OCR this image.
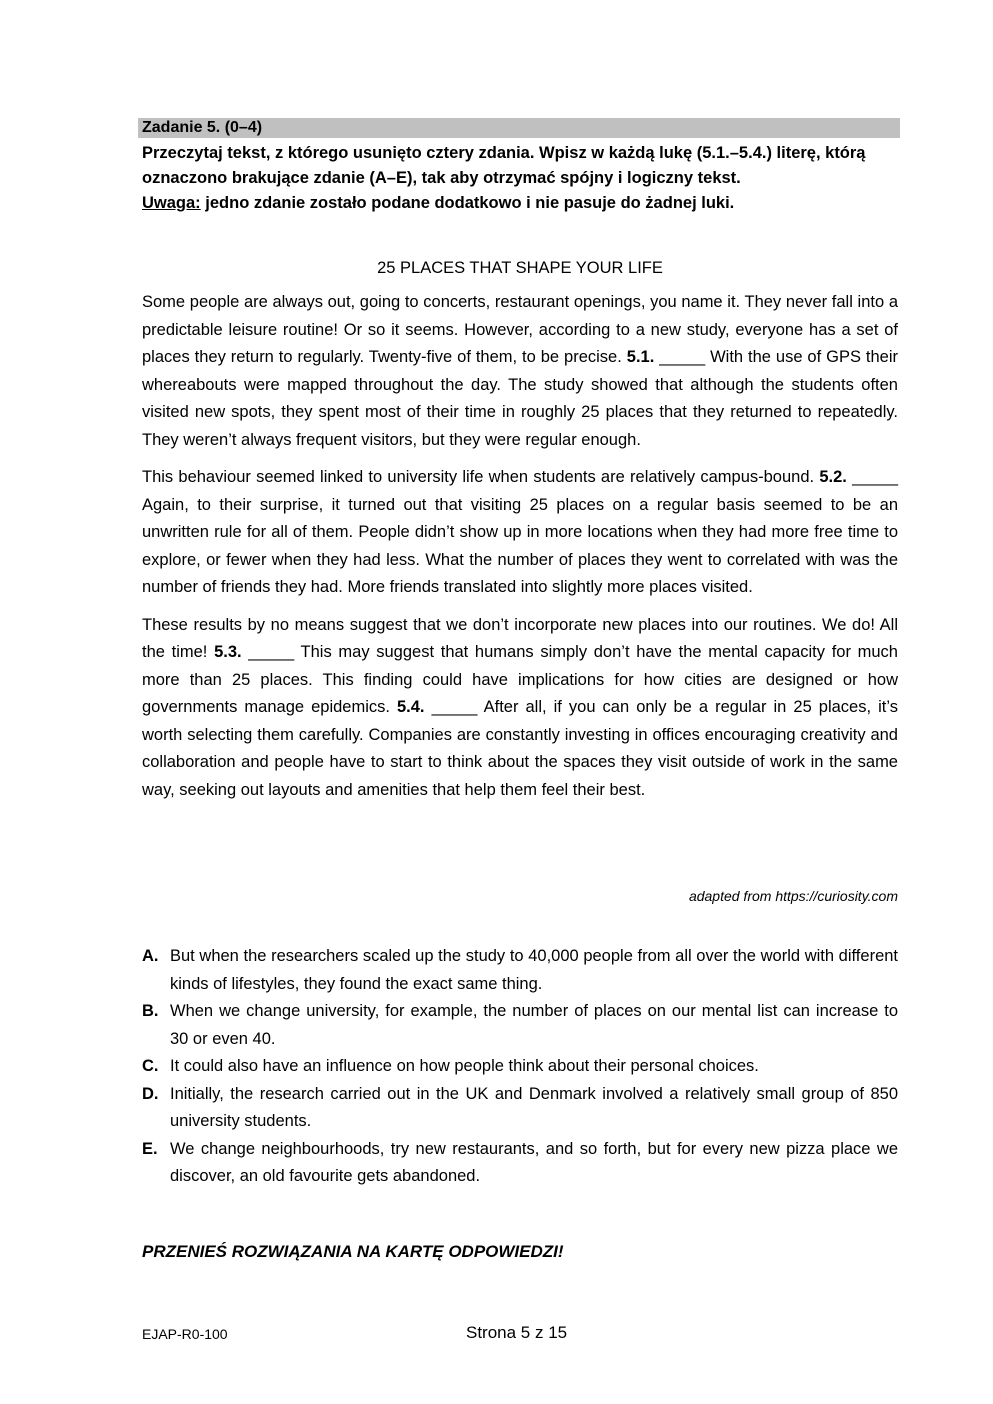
Zadanie 5. (0–4)
Przeczytaj tekst, z którego usunięto cztery zdania. Wpisz w każdą lukę (5.1.–5.4.) literę, którą oznaczono brakujące zdanie (A–E), tak aby otrzymać spójny i logiczny tekst.
Uwaga: jedno zdanie zostało podane dodatkowo i nie pasuje do żadnej luki.
25 PLACES THAT SHAPE YOUR LIFE

Some people are always out, going to concerts, restaurant openings, you name it. They never fall into a predictable leisure routine! Or so it seems. However, according to a new study, everyone has a set of places they return to regularly. Twenty-five of them, to be precise. 5.1. _____ With the use of GPS their whereabouts were mapped throughout the day. The study showed that although the students often visited new spots, they spent most of their time in roughly 25 places that they returned to repeatedly. They weren’t always frequent visitors, but they were regular enough.

This behaviour seemed linked to university life when students are relatively campus-bound. 5.2. _____ Again, to their surprise, it turned out that visiting 25 places on a regular basis seemed to be an unwritten rule for all of them. People didn’t show up in more locations when they had more free time to explore, or fewer when they had less. What the number of places they went to correlated with was the number of friends they had. More friends translated into slightly more places visited.

These results by no means suggest that we don’t incorporate new places into our routines. We do! All the time! 5.3. _____ This may suggest that humans simply don’t have the mental capacity for much more than 25 places. This finding could have implications for how cities are designed or how governments manage epidemics. 5.4. _____ After all, if you can only be a regular in 25 places, it’s worth selecting them carefully. Companies are constantly investing in offices encouraging creativity and collaboration and people have to start to think about the spaces they visit outside of work in the same way, seeking out layouts and amenities that help them feel their best.

adapted from https://curiosity.com
A. But when the researchers scaled up the study to 40,000 people from all over the world with different kinds of lifestyles, they found the exact same thing.
B. When we change university, for example, the number of places on our mental list can increase to 30 or even 40.
C. It could also have an influence on how people think about their personal choices.
D. Initially, the research carried out in the UK and Denmark involved a relatively small group of 850 university students.
E. We change neighbourhoods, try new restaurants, and so forth, but for every new pizza place we discover, an old favourite gets abandoned.
PRZENIEŚ ROZWIĄZANIA NA KARTĘ ODPOWIEDZI!
EJAP-R0-100	Strona 5 z 15
